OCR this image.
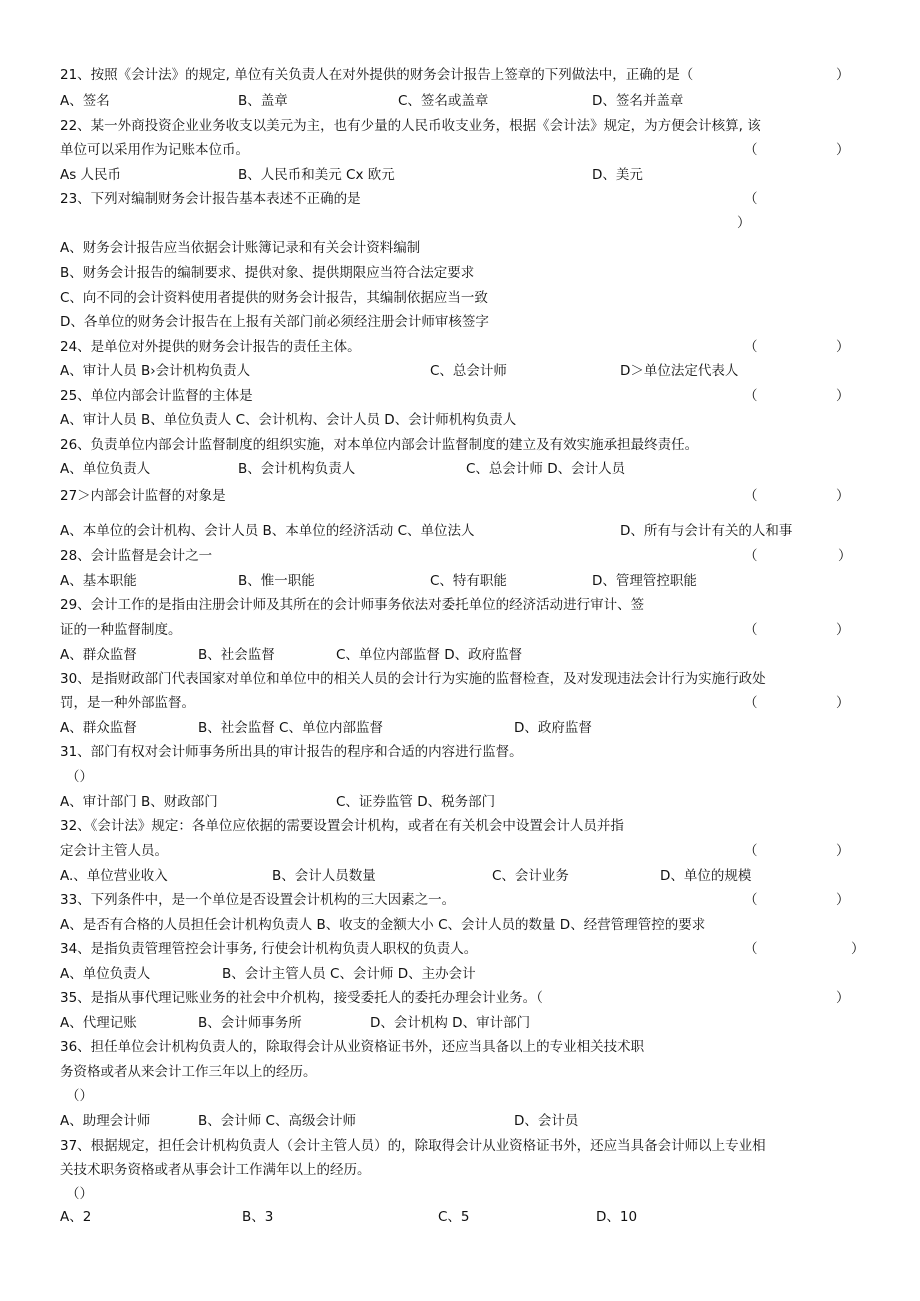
21、按照《会计法》的规定, 单位有关负责人在对外提供的财务会计报告上签章的下列做法中，正确的是（	）
A、签名	B、盖章	C、签名或盖章	D、签名并盖章
22、某一外商投资企业业务收支以美元为主，也有少量的人民币收支业务，根据《会计法》规定，为方便会计核算, 该
单位可以采用作为记账本位币。	（	）
As 人民币	B、人民币和美元 Cx 欧元	D、美元
23、下列对编制财务会计报告基本表述不正确的是	（
）
A、财务会计报告应当依据会计账簿记录和有关会计资料编制
B、财务会计报告的编制要求、提供对象、提供期限应当符合法定要求
C、向不同的会计资料使用者提供的财务会计报告，其编制依据应当一致
D、各单位的财务会计报告在上报有关部门前必须经注册会计师审核签字
24、是单位对外提供的财务会计报告的责任主体。	（	）
A、审计人员 B›会计机构负责人	C、总会计师	D＞单位法定代表人
25、单位内部会计监督的主体是	（	）
A、审计人员 B、单位负责人 C、会计机构、会计人员 D、会计师机构负责人
26、负责单位内部会计监督制度的组织实施，对本单位内部会计监督制度的建立及有效实施承担最终责任。
A、单位负责人	B、会计机构负责人	C、总会计师 D、会计人员
27＞内部会计监督的对象是	（	）
A、本单位的会计机构、会计人员 B、本单位的经济活动 C、单位法人	D、所有与会计有关的人和事
28、会计监督是会计之一	（	）
A、基本职能	B、惟一职能	C、特有职能	D、管理管控职能
29、会计工作的是指由注册会计师及其所在的会计师事务依法对委托单位的经济活动进行审计、签
证的一种监督制度。	（	）
A、群众监督	B、社会监督	C、单位内部监督 D、政府监督
30、是指财政部门代表国家对单位和单位中的相关人员的会计行为实施的监督检查，及对发现违法会计行为实施行政处
罚，是一种外部监督。	（	）
A、群众监督	B、社会监督 C、单位内部监督	D、政府监督
31、部门有权对会计师事务所出具的审计报告的程序和合适的内容进行监督。
（）
A、审计部门 B、财政部门	C、证券监管 D、税务部门
32、《会计法》规定：各单位应依据的需要设置会计机构，或者在有关机会中设置会计人员并指
定会计主管人员。	（	）
A.、单位营业收入	B、会计人员数量	C、会计业务	D、单位的规模
33、下列条件中，是一个单位是否设置会计机构的三大因素之一。	（	）
A、是否有合格的人员担任会计机构负责人 B、收支的金额大小 C、会计人员的数量 D、经营管理管控的要求
34、是指负责管理管控会计事务, 行使会计机构负责人职权的负责人。	（	）
A、单位负责人	B、会计主管人员 C、会计师 D、主办会计
35、是指从事代理记账业务的社会中介机构，接受委托人的委托办理会计业务。（	）
A、代理记账	B、会计师事务所	D、会计机构 D、审计部门
36、担任单位会计机构负责人的，除取得会计从业资格证书外，还应当具备以上的专业相关技术职
务资格或者从来会计工作三年以上的经历。
（）
A、助理会计师	B、会计师 C、高级会计师	D、会计员
37、根据规定，担任会计机构负责人（会计主管人员）的，除取得会计从业资格证书外，还应当具备会计师以上专业相
关技术职务资格或者从事会计工作满年以上的经历。
（）
A、2	B、3	C、5	D、10
